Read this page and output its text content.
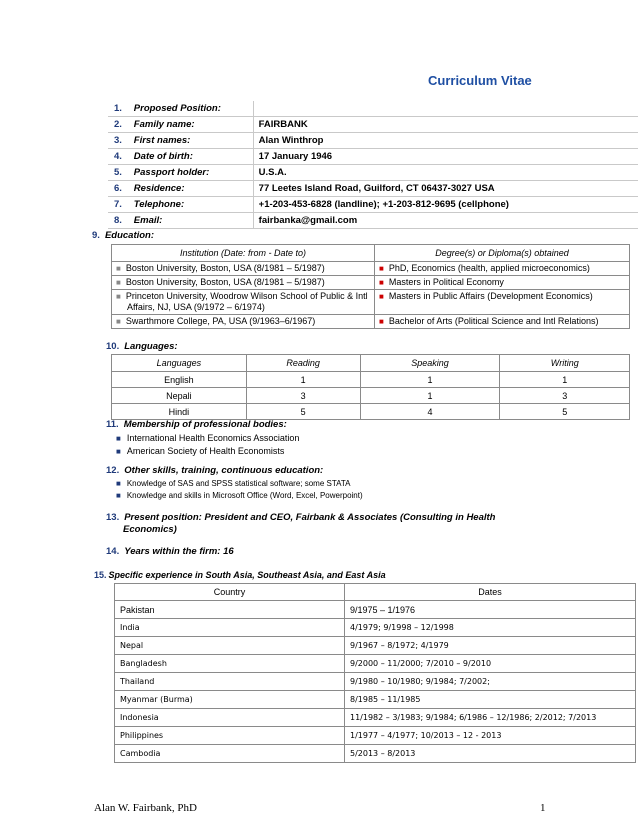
Curriculum Vitae
1.	Proposed Position:	
2.	Family name:	FAIRBANK
3.	First names:	Alan Winthrop
4.	Date of birth:	17 January 1946
5.	Passport holder:	U.S.A.
6.	Residence:	77 Leetes Island Road, Guilford, CT 06437-3027 USA
7.	Telephone:	+1-203-453-6828 (landline); +1-203-812-9695 (cellphone)
8.	Email:	fairbanka@gmail.com
9. Education:
Institution (Date: from - Date to)	Degree(s) or Diploma(s) obtained
■ Boston University, Boston, USA (8/1981 – 5/1987)	■ PhD, Economics (health, applied microeconomics)
■ Boston University, Boston, USA (8/1981 – 5/1987)	■ Masters in Political Economy
■ Princeton University, Woodrow Wilson School of Public & Intl Affairs, NJ, USA (9/1972 – 6/1974)	■ Masters in Public Affairs (Development Economics)
■ Swarthmore College, PA, USA (9/1963–6/1967)	■ Bachelor of Arts (Political Science and Intl Relations)
10. Languages:
Languages	Reading	Speaking	Writing
English	1	1	1
Nepali	3	1	3
Hindi	5	4	5
11. Membership of professional bodies:
■ International Health Economics Association
■ American Society of Health Economists
12. Other skills, training, continuous education:
■ Knowledge of SAS and SPSS statistical software; some STATA
■ Knowledge and skills in Microsoft Office (Word, Excel, Powerpoint)
13. Present position: President and CEO, Fairbank & Associates (Consulting in Health
Economics)
14. Years within the firm: 16
15. Specific experience in South Asia, Southeast Asia, and East Asia
Country	Dates
Pakistan	9/1975 – 1/1976
India	4/1979; 9/1998 – 12/1998
Nepal	9/1967 – 8/1972; 4/1979
Bangladesh	9/2000 – 11/2000; 7/2010 – 9/2010
Thailand	9/1980 – 10/1980; 9/1984; 7/2002;
Myanmar (Burma)	8/1985 – 11/1985
Indonesia	11/1982 – 3/1983; 9/1984; 6/1986 – 12/1986; 2/2012; 7/2013
Philippines	1/1977 – 4/1977; 10/2013 – 12 - 2013
Cambodia	5/2013 – 8/2013
Alan W. Fairbank, PhD	1
